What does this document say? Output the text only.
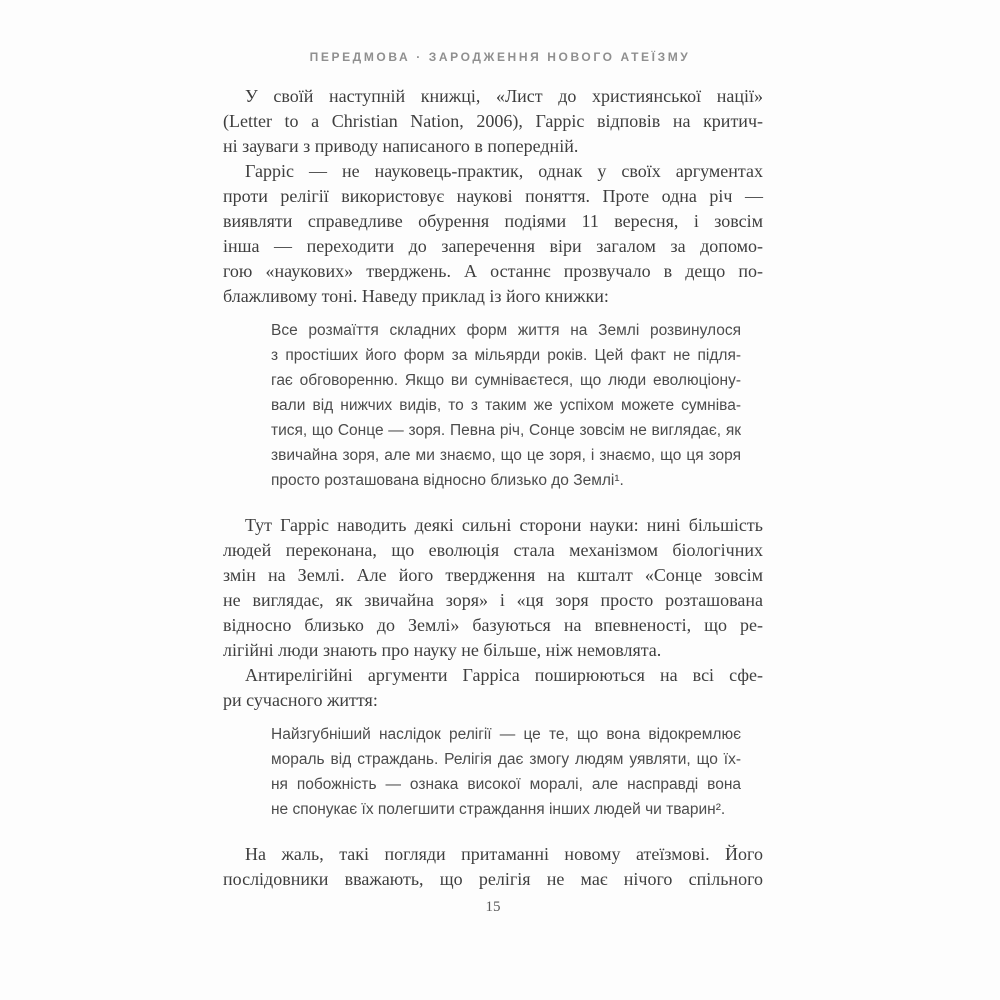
ПЕРЕДМОВА · ЗАРОДЖЕННЯ НОВОГО АТЕЇЗМУ
У своїй наступній книжці, «Лист до християнської нації»
(Letter to a Christian Nation, 2006), Гарріс відповів на критич-
ні зауваги з приводу написаного в попередній.
Гарріс — не науковець-практик, однак у своїх аргументах
проти релігії використовує наукові поняття. Проте одна річ —
виявляти справедливе обурення подіями 11 вересня, і зовсім
інша — переходити до заперечення віри загалом за допомо-
гою «наукових» тверджень. А останнє прозвучало в дещо по-
блажливому тоні. Наведу приклад із його книжки:
Все розмаїття складних форм життя на Землі розвинулося
з простіших його форм за мільярди років. Цей факт не підля-
гає обговоренню. Якщо ви сумніваєтеся, що люди еволюціону-
вали від нижчих видів, то з таким же успіхом можете сумніва-
тися, що Сонце — зоря. Певна річ, Сонце зовсім не виглядає, як
звичайна зоря, але ми знаємо, що це зоря, і знаємо, що ця зоря
просто розташована відносно близько до Землі¹.
Тут Гарріс наводить деякі сильні сторони науки: нині більшість
людей переконана, що еволюція стала механізмом біологічних
змін на Землі. Але його твердження на кшталт «Сонце зовсім
не виглядає, як звичайна зоря» і «ця зоря просто розташована
відносно близько до Землі» базуються на впевненості, що ре-
лігійні люди знають про науку не більше, ніж немовлята.
Антирелігійні аргументи Гарріса поширюються на всі сфе-
ри сучасного життя:
Найзгубніший наслідок релігії — це те, що вона відокремлює
мораль від страждань. Релігія дає змогу людям уявляти, що їх-
ня побожність — ознака високої моралі, але насправді вона
не спонукає їх полегшити страждання інших людей чи тварин².
На жаль, такі погляди притаманні новому атеїзмові. Його
послідовники вважають, що релігія не має нічого спільного
15
